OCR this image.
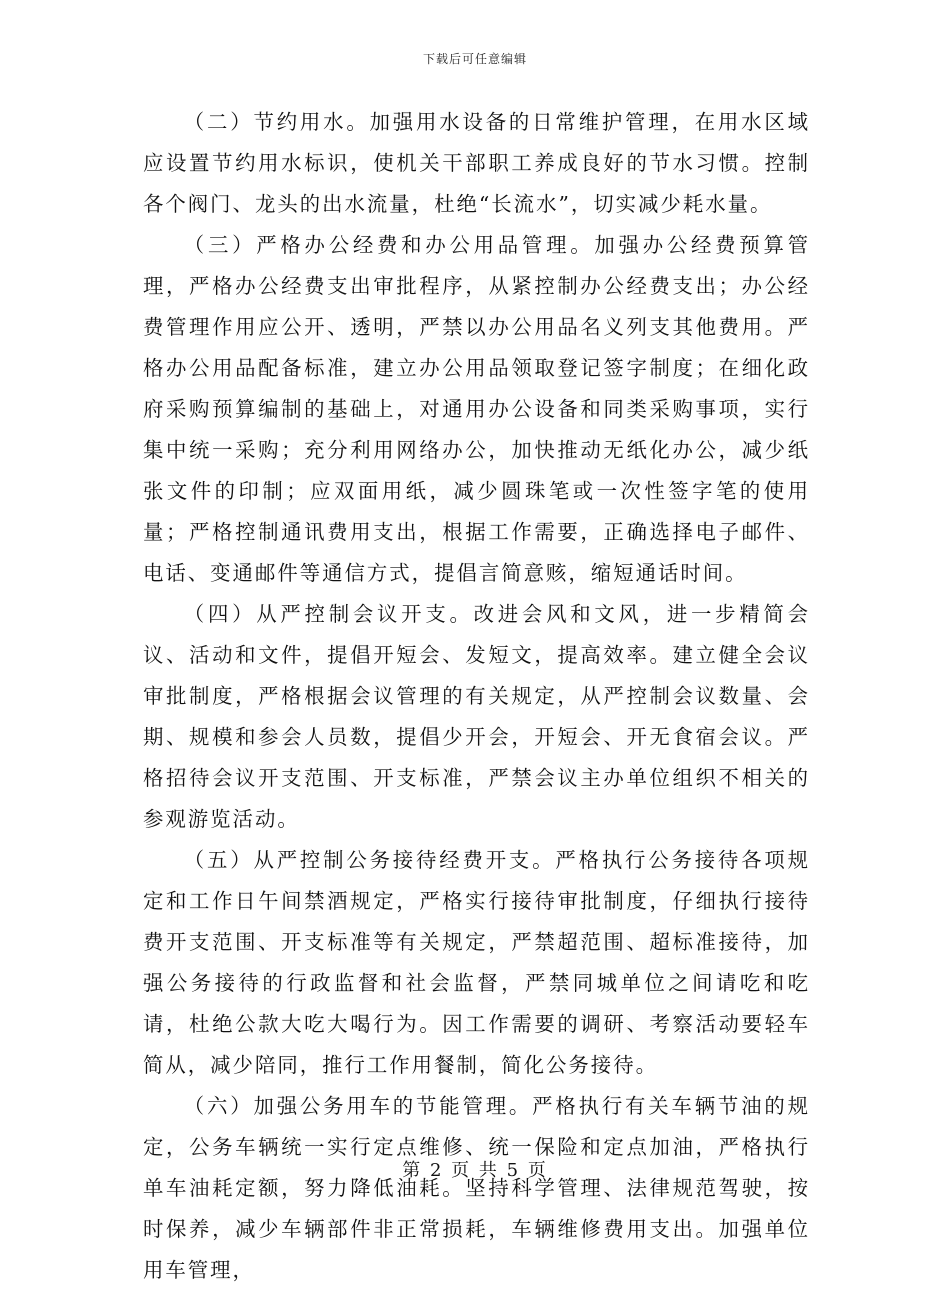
下载后可任意编辑

（二）节约用水。加强用水设备的日常维护管理，在用水区域应设置节约用水标识，使机关干部职工养成良好的节水习惯。控制各个阀门、龙头的出水流量，杜绝“长流水”，切实减少耗水量。

（三）严格办公经费和办公用品管理。加强办公经费预算管理，严格办公经费支出审批程序，从紧控制办公经费支出；办公经费管理作用应公开、透明，严禁以办公用品名义列支其他费用。严格办公用品配备标准，建立办公用品领取登记签字制度；在细化政府采购预算编制的基础上，对通用办公设备和同类采购事项，实行集中统一采购；充分利用网络办公，加快推动无纸化办公，减少纸张文件的印制；应双面用纸，减少圆珠笔或一次性签字笔的使用量；严格控制通讯费用支出，根据工作需要，正确选择电子邮件、电话、变通邮件等通信方式，提倡言简意赅，缩短通话时间。

（四）从严控制会议开支。改进会风和文风，进一步精简会议、活动和文件，提倡开短会、发短文，提高效率。建立健全会议审批制度，严格根据会议管理的有关规定，从严控制会议数量、会期、规模和参会人员数，提倡少开会，开短会、开无食宿会议。严格招待会议开支范围、开支标准，严禁会议主办单位组织不相关的参观游览活动。

（五）从严控制公务接待经费开支。严格执行公务接待各项规定和工作日午间禁酒规定，严格实行接待审批制度，仔细执行接待费开支范围、开支标准等有关规定，严禁超范围、超标准接待，加强公务接待的行政监督和社会监督，严禁同城单位之间请吃和吃请，杜绝公款大吃大喝行为。因工作需要的调研、考察活动要轻车简从，减少陪同，推行工作用餐制，简化公务接待。

（六）加强公务用车的节能管理。严格执行有关车辆节油的规定，公务车辆统一实行定点维修、统一保险和定点加油，严格执行单车油耗定额，努力降低油耗。坚持科学管理、法律规范驾驶，按时保养，减少车辆部件非正常损耗，车辆维修费用支出。加强单位用车管理，

第 2 页 共 5 页
